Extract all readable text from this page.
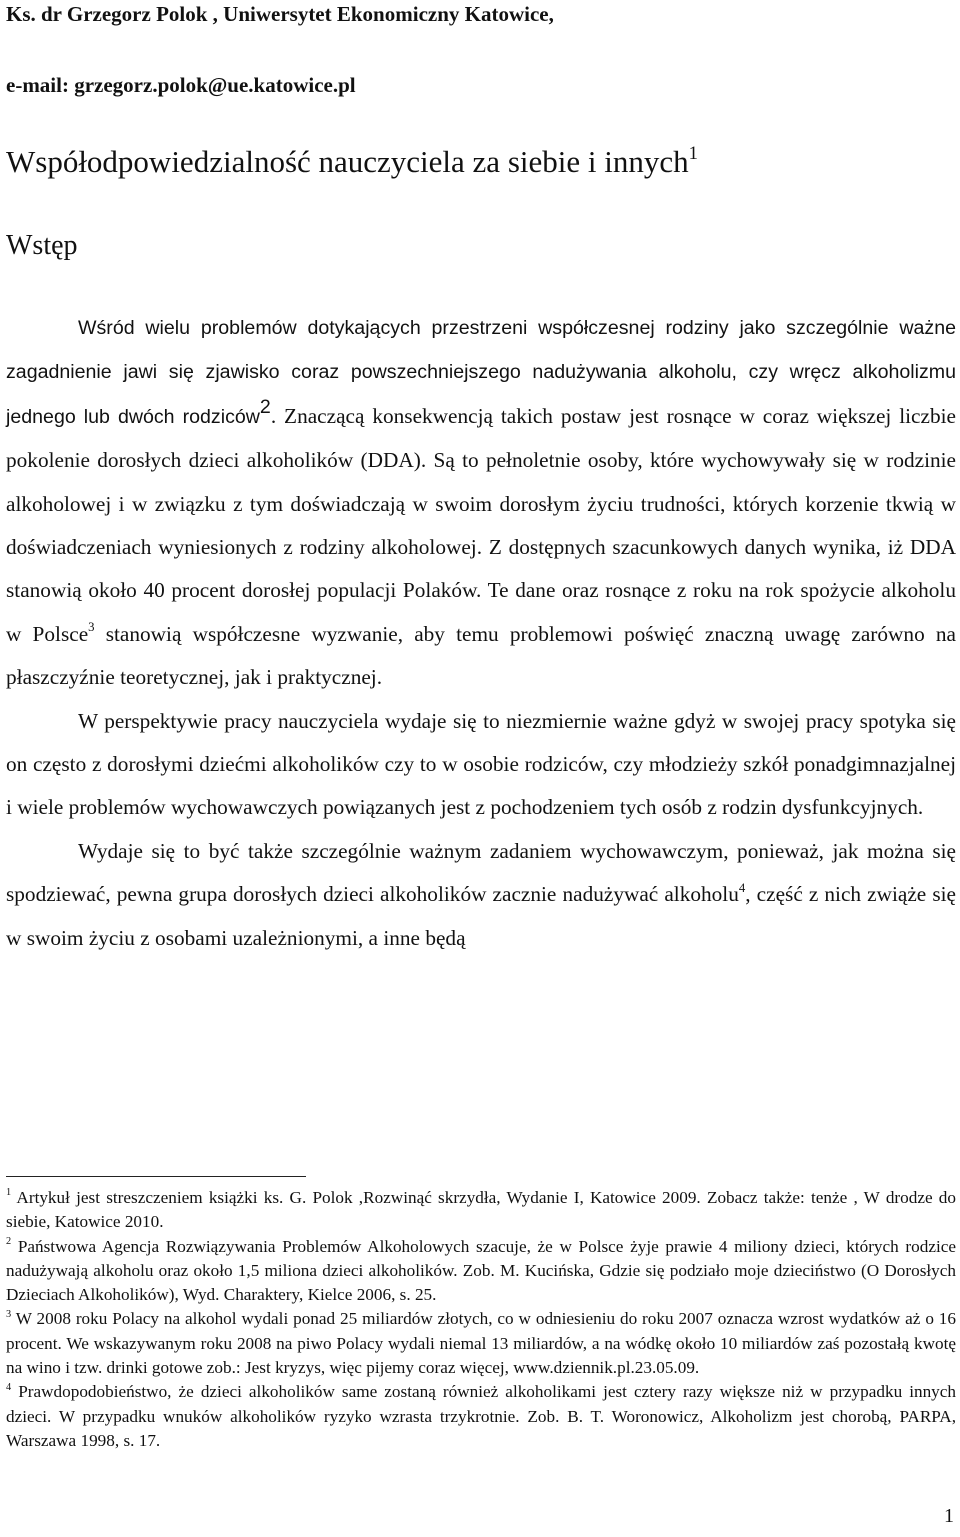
Ks. dr Grzegorz Polok , Uniwersytet Ekonomiczny Katowice,

e-mail: grzegorz.polok@ue.katowice.pl

Współodpowiedzialność nauczyciela za siebie i innych$^1$
Wstęp

Wśród wielu problemów dotykających przestrzeni współczesnej rodziny jako szczególnie ważne zagadnienie jawi się zjawisko coraz powszechniejszego nadużywania alkoholu, czy wręcz alkoholizmu jednego lub dwóch rodziców$^2$. Znaczącą konsekwencją takich postaw jest rosnące w coraz większej liczbie pokolenie dorosłych dzieci alkoholików (DDA). Są to pełnoletnie osoby, które wychowywały się w rodzinie alkoholowej i w związku z tym doświadczają w swoim dorosłym życiu trudności, których korzenie tkwią w doświadczeniach wyniesionych z rodziny alkoholowej. Z dostępnych szacunkowych danych wynika, iż DDA stanowią około 40 procent dorosłej populacji Polaków. Te dane oraz rosnące z roku na rok spożycie alkoholu w Polsce$^3$ stanowią współczesne wyzwanie, aby temu problemowi poświęć znaczną uwagę zarówno na płaszczyźnie teoretycznej, jak i praktycznej.

W perspektywie pracy nauczyciela wydaje się to niezmiernie ważne gdyż w swojej pracy spotyka się on często z dorosłymi dziećmi alkoholików czy to w osobie rodziców, czy młodzieży szkół ponadgimnazjalnej i wiele problemów wychowawczych powiązanych jest z pochodzeniem tych osób z rodzin dysfunkcyjnych.

Wydaje się to być także szczególnie ważnym zadaniem wychowawczym, ponieważ, jak można się spodziewać, pewna grupa dorosłych dzieci alkoholików zacznie nadużywać alkoholu$^4$, część z nich zwiąże się w swoim życiu z osobami uzależnionymi, a inne będą

$^1$ Artykuł jest streszczeniem książki ks. G. Polok ,Rozwinąć skrzydła, Wydanie I, Katowice 2009. Zobacz także: tenże , W drodze do siebie, Katowice 2010.

$^2$ Państwowa Agencja Rozwiązywania Problemów Alkoholowych szacuje, że w Polsce żyje prawie 4 miliony dzieci, których rodzice nadużywają alkoholu oraz około 1,5 miliona dzieci alkoholików. Zob. M. Kucińska, Gdzie się podziało moje dzieciństwo (O Dorosłych Dzieciach Alkoholików), Wyd. Charaktery, Kielce 2006, s. 25.

$^3$ W 2008 roku Polacy na alkohol wydali ponad 25 miliardów złotych, co w odniesieniu do roku 2007 oznacza wzrost wydatków aż o 16 procent. We wskazywanym roku 2008 na piwo Polacy wydali niemal 13 miliardów, a na wódkę około 10 miliardów zaś pozostałą kwotę na wino i tzw. drinki gotowe zob.: Jest kryzys, więc pijemy coraz więcej, www.dziennik.pl.23.05.09.

$^4$ Prawdopodobieństwo, że dzieci alkoholików same zostaną również alkoholikami jest cztery razy większe niż w przypadku innych dzieci. W przypadku wnuków alkoholików ryzyko wzrasta trzykrotnie. Zob. B. T. Woronowicz, Alkoholizm jest chorobą, PARPA, Warszawa 1998, s. 17.

1
